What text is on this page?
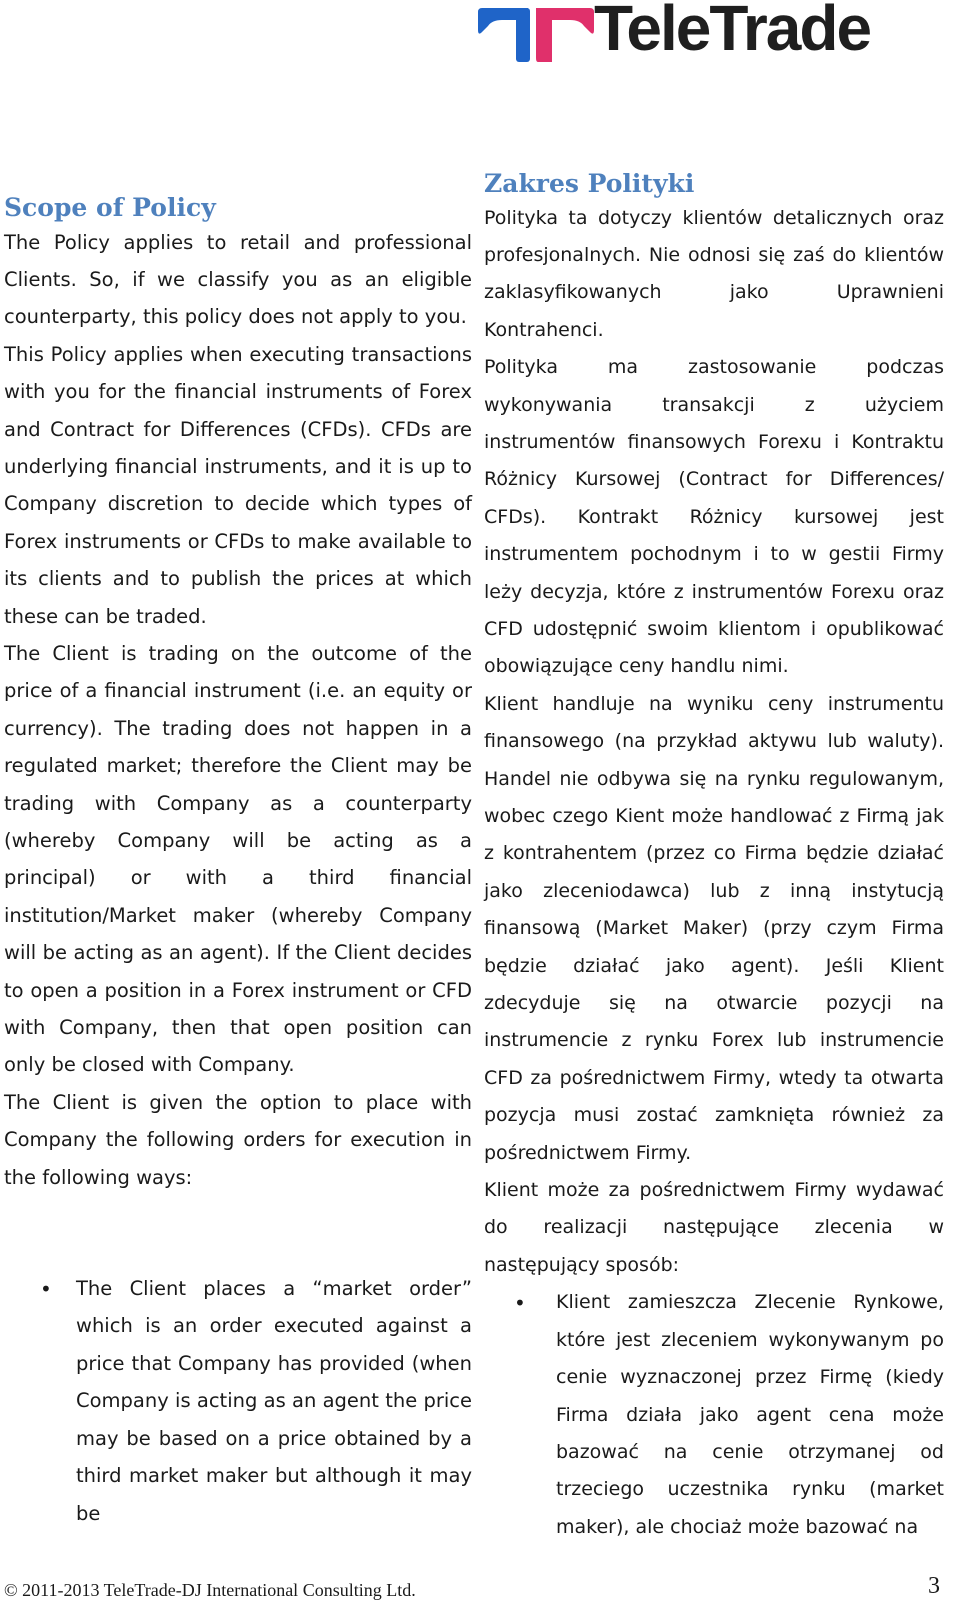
TeleTrade
Scope of Policy

The Policy applies to retail and professional Clients. So, if we classify you as an eligible counterparty, this policy does not apply to you.

This Policy applies when executing transactions with you for the financial instruments of Forex and Contract for Differences (CFDs). CFDs are underlying financial instruments, and it is up to Company discretion to decide which types of Forex instruments or CFDs to make available to its clients and to publish the prices at which these can be traded.

The Client is trading on the outcome of the price of a financial instrument (i.e. an equity or currency). The trading does not happen in a regulated market; therefore the Client may be trading with Company as a counterparty (whereby Company will be acting as a principal) or with a third financial institution/Market maker (whereby Company will be acting as an agent). If the Client decides to open a position in a Forex instrument or CFD with Company, then that open position can only be closed with Company.

The Client is given the option to place with Company the following orders for execution in the following ways:

• The Client places a “market order” which is an order executed against a price that Company has provided (when Company is acting as an agent the price may be based on a price obtained by a third market maker but although it may be

Zakres Polityki

Polityka ta dotyczy klientów detalicznych oraz profesjonalnych. Nie odnosi się zaś do klientów zaklasyfikowanych jako Uprawnieni Kontrahenci.

Polityka ma zastosowanie podczas wykonywania transakcji z użyciem instrumentów finansowych Forexu i Kontraktu Różnicy Kursowej (Contract for Differences/ CFDs). Kontrakt Różnicy kursowej jest instrumentem pochodnym i to w gestii Firmy leży decyzja, które z instrumentów Forexu oraz CFD udostępnić swoim klientom i opublikować obowiązujące ceny handlu nimi.

Klient handluje na wyniku ceny instrumentu finansowego (na przykład aktywu lub waluty). Handel nie odbywa się na rynku regulowanym, wobec czego Kient może handlować z Firmą jak z kontrahentem (przez co Firma będzie działać jako zleceniodawca) lub z inną instytucją finansową (Market Maker) (przy czym Firma będzie działać jako agent). Jeśli Klient zdecyduje się na otwarcie pozycji na instrumencie z rynku Forex lub instrumencie CFD za pośrednictwem Firmy, wtedy ta otwarta pozycja musi zostać zamknięta również za pośrednictwem Firmy.

Klient może za pośrednictwem Firmy wydawać do realizacji następujące zlecenia w następujący sposób:

• Klient zamieszcza Zlecenie Rynkowe, które jest zleceniem wykonywanym po cenie wyznaczonej przez Firmę (kiedy Firma działa jako agent cena może bazować na cenie otrzymanej od trzeciego uczestnika rynku (market maker), ale chociaż może bazować na

© 2011-2013 TeleTrade-DJ International Consulting Ltd.	3
